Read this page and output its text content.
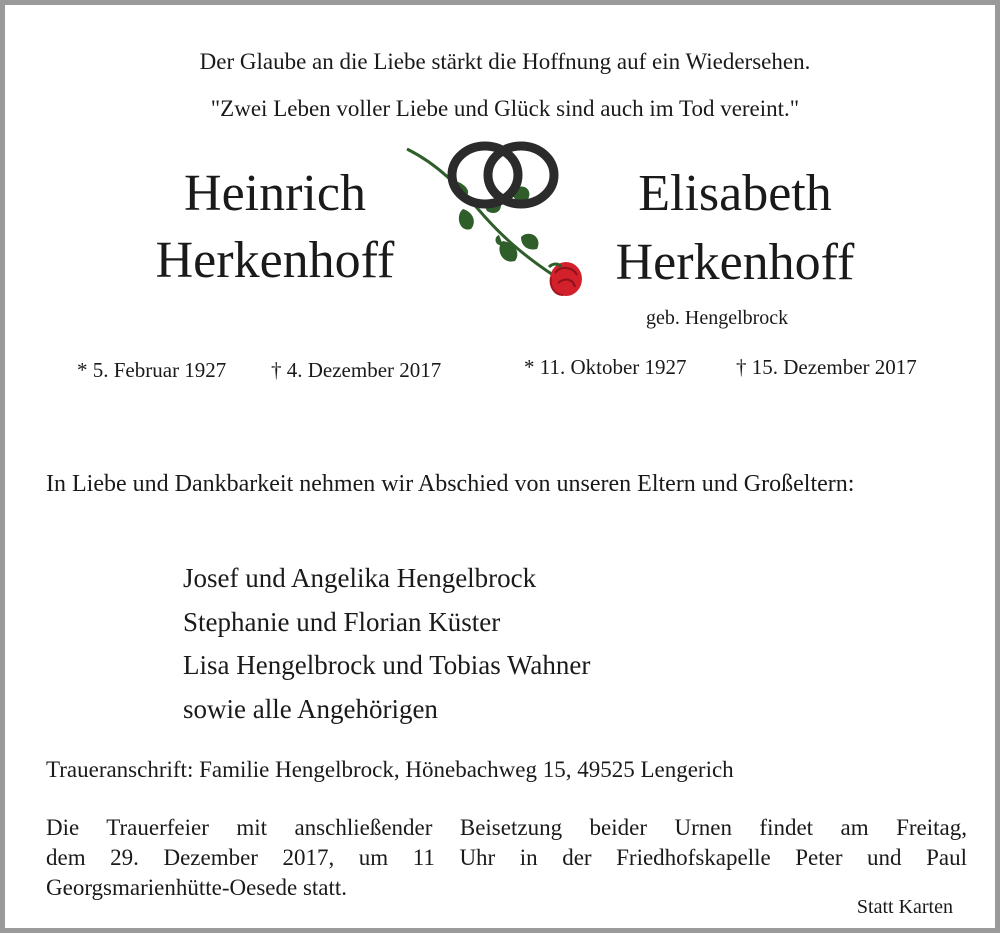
Der Glaube an die Liebe stärkt die Hoffnung auf ein Wiedersehen.
"Zwei Leben voller Liebe und Glück sind auch im Tod vereint."
Heinrich
Herkenhoff
* 5. Februar 1927 † 4. Dezember 2017
Elisabeth
Herkenhoff
geb. Hengelbrock
* 11. Oktober 1927 † 15. Dezember 2017
In Liebe und Dankbarkeit nehmen wir Abschied von unseren Eltern und Großeltern:
Josef und Angelika Hengelbrock
Stephanie und Florian Küster
Lisa Hengelbrock und Tobias Wahner
sowie alle Angehörigen
Traueranschrift: Familie Hengelbrock, Hönebachweg 15, 49525 Lengerich
Die Trauerfeier mit anschließender Beisetzung beider Urnen findet am Freitag,
dem 29. Dezember 2017, um 11 Uhr in der Friedhofskapelle Peter und Paul
Georgsmarienhütte-Oesede statt.
Statt Karten
